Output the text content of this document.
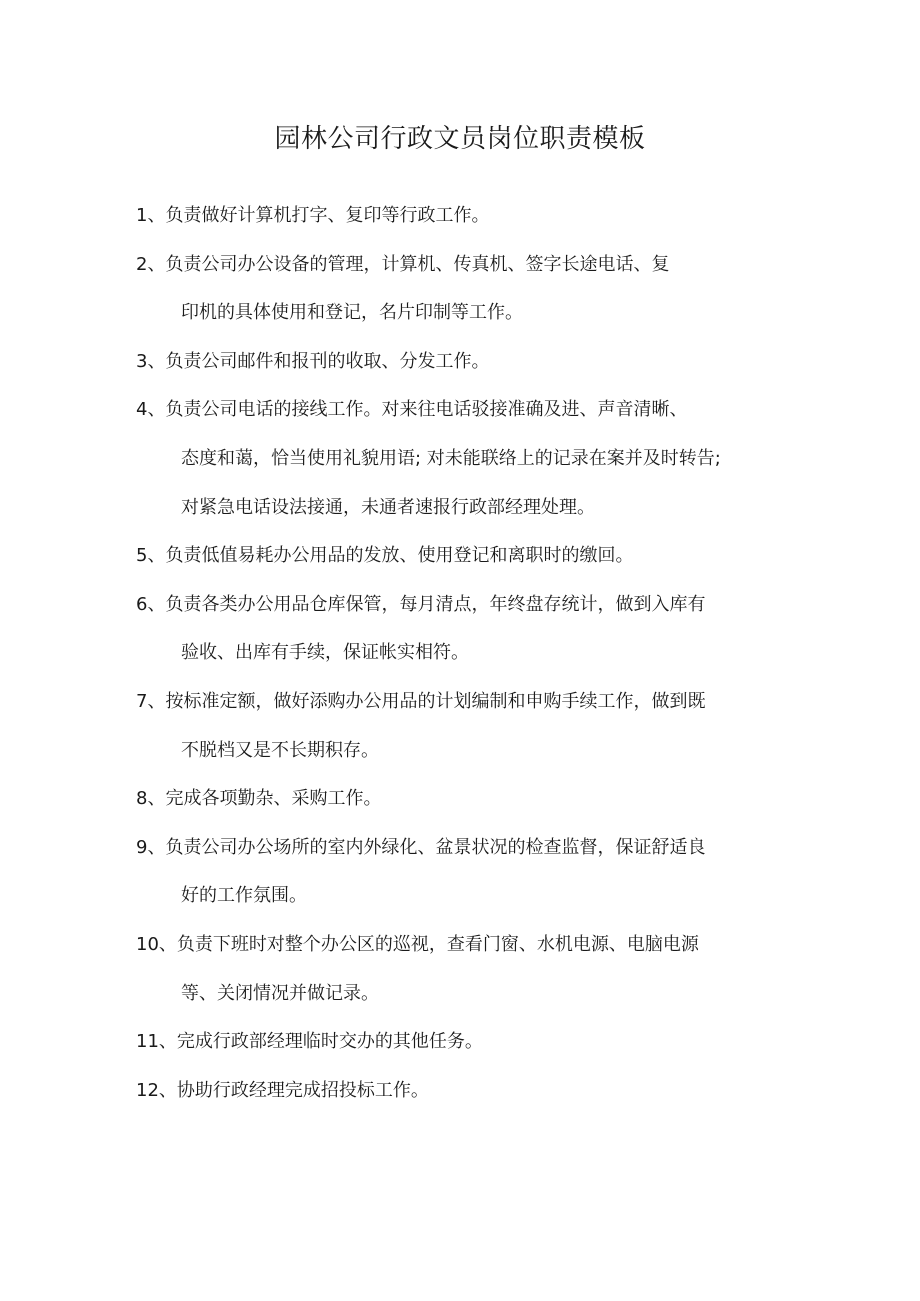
园林公司行政文员岗位职责模板
1、负责做好计算机打字、复印等行政工作。
2、负责公司办公设备的管理，计算机、传真机、签字长途电话、复
印机的具体使用和登记，名片印制等工作。
3、负责公司邮件和报刊的收取、分发工作。
4、负责公司电话的接线工作。对来往电话驳接准确及进、声音清晰、
态度和蔼，恰当使用礼貌用语; 对未能联络上的记录在案并及时转告;
对紧急电话设法接通，未通者速报行政部经理处理。
5、负责低值易耗办公用品的发放、使用登记和离职时的缴回。
6、负责各类办公用品仓库保管，每月清点，年终盘存统计，做到入库有
验收、出库有手续，保证帐实相符。
7、按标准定额，做好添购办公用品的计划编制和申购手续工作，做到既
不脱档又是不长期积存。
8、完成各项勤杂、采购工作。
9、负责公司办公场所的室内外绿化、盆景状况的检查监督，保证舒适良
好的工作氛围。
10、负责下班时对整个办公区的巡视，查看门窗、水机电源、电脑电源
等、关闭情况并做记录。
11、完成行政部经理临时交办的其他任务。
12、协助行政经理完成招投标工作。
